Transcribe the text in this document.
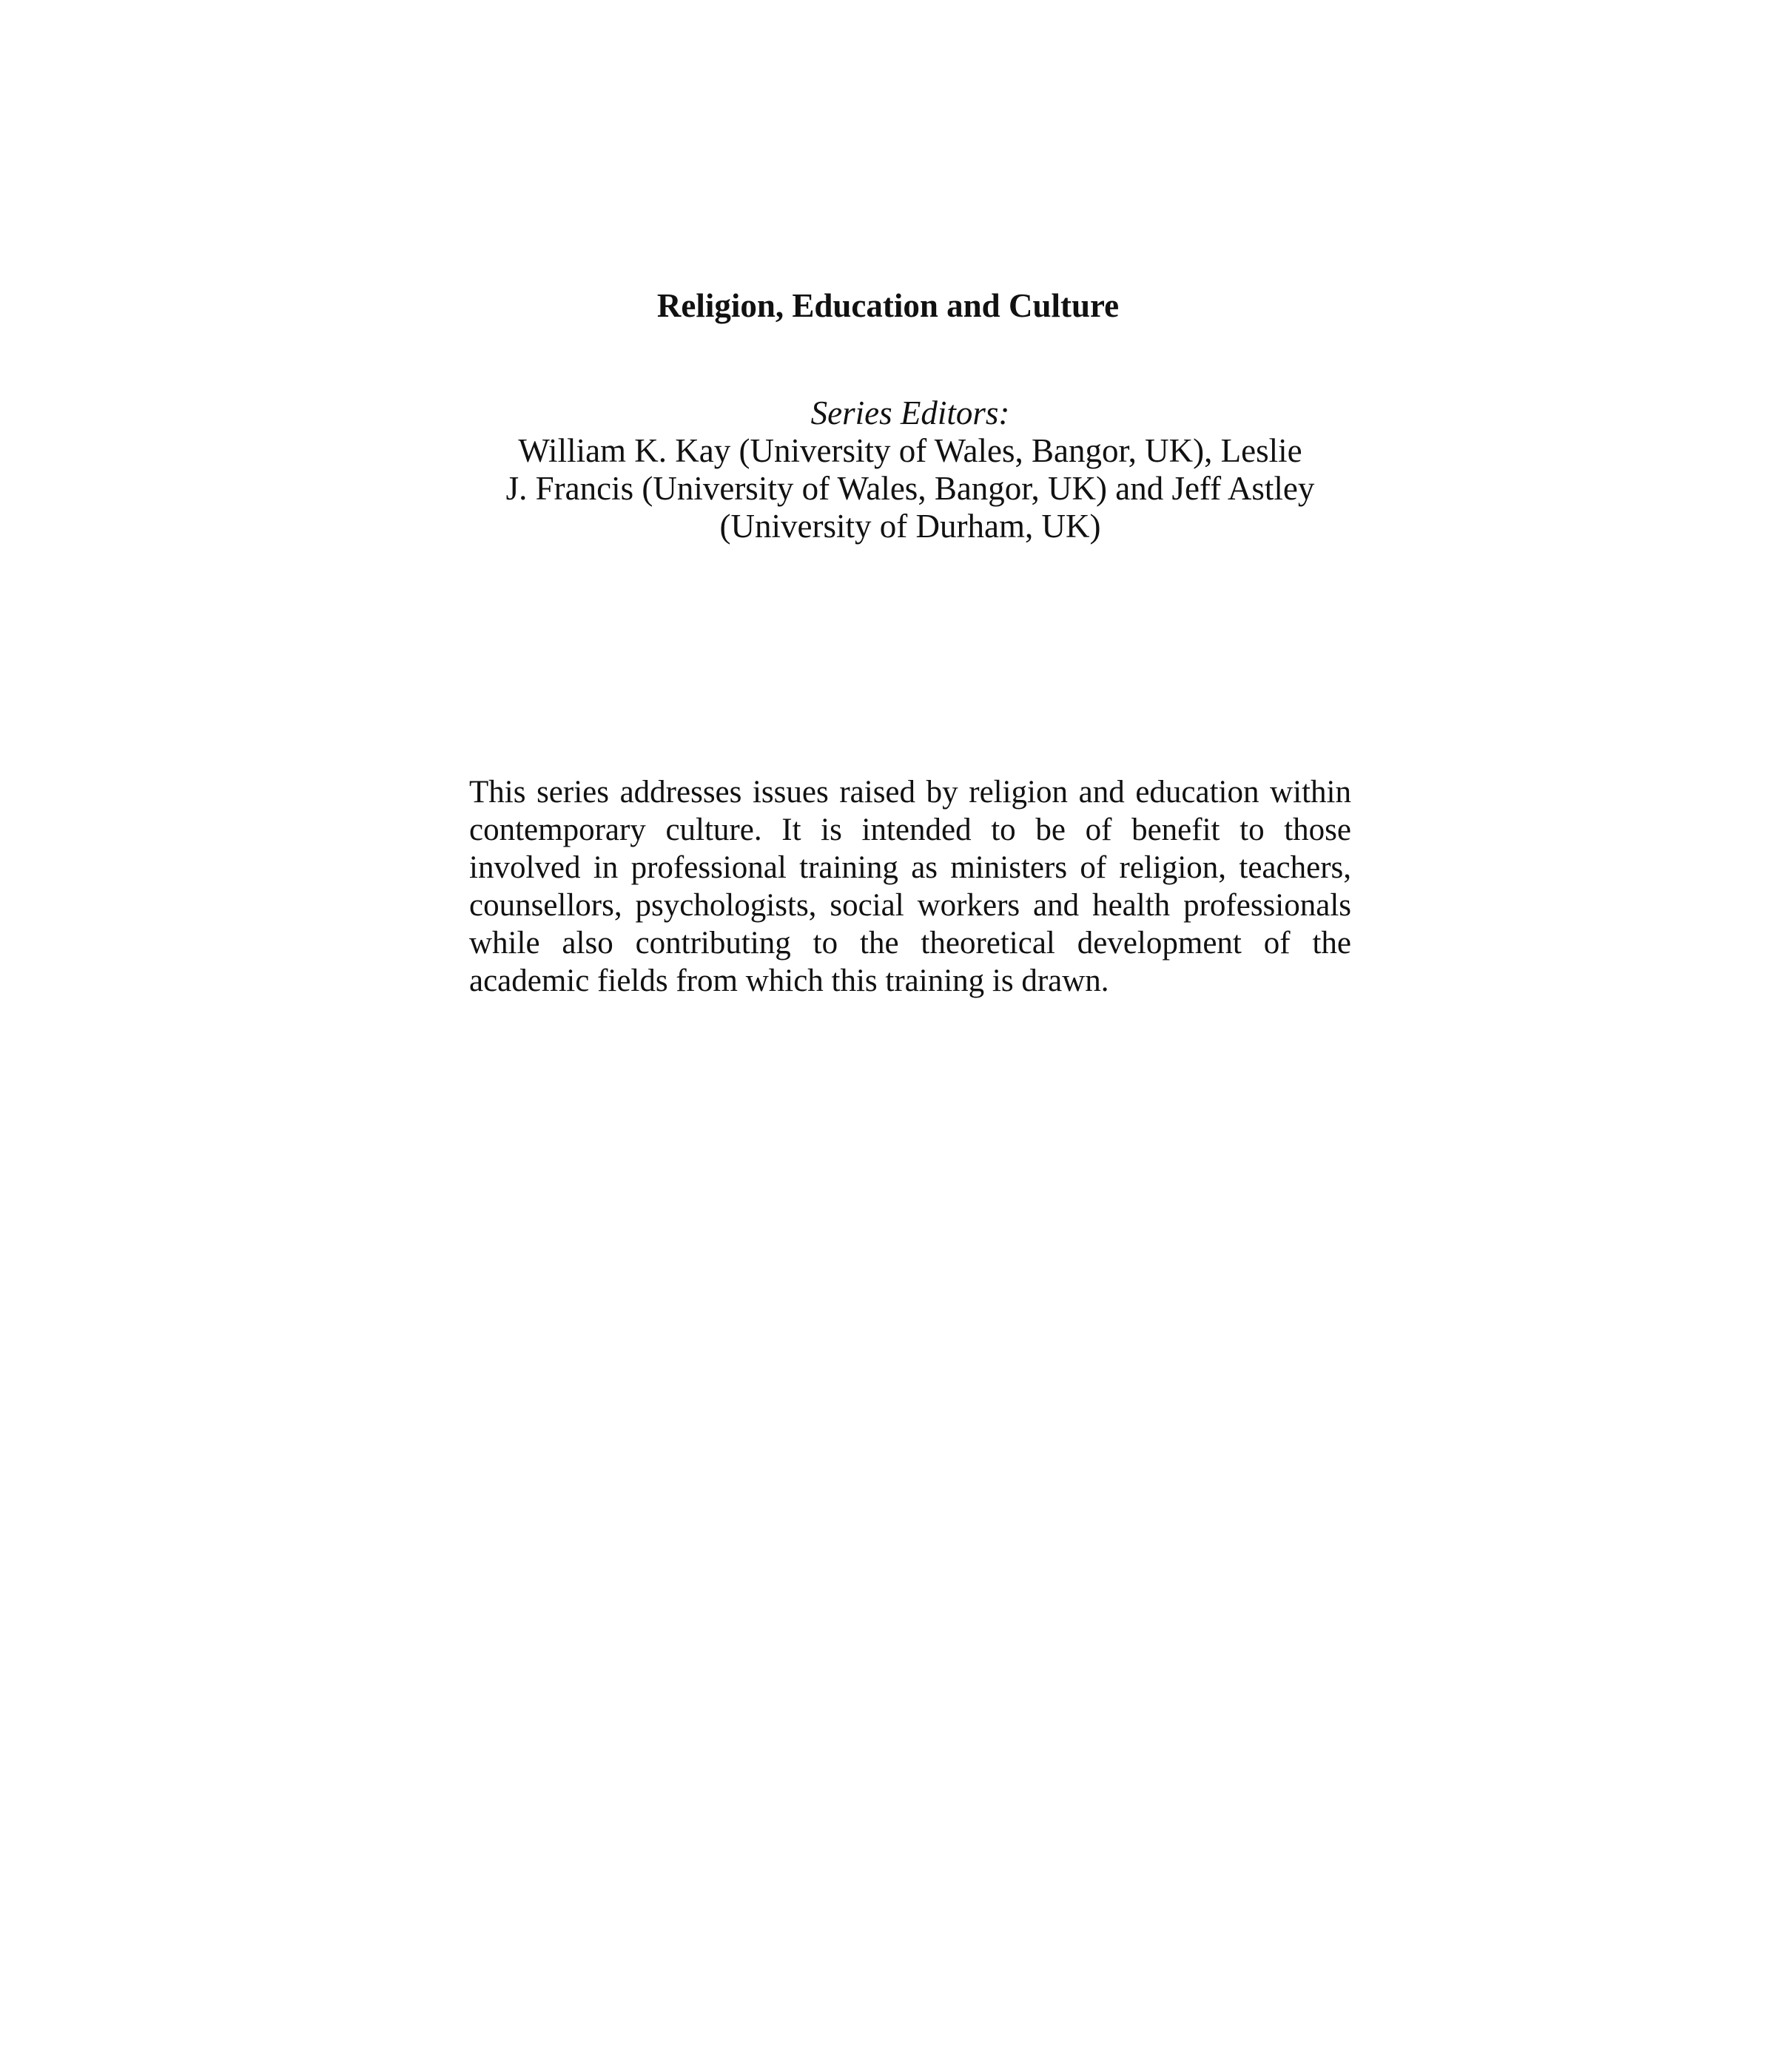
Religion, Education and Culture
Series Editors:
William K. Kay (University of Wales, Bangor, UK), Leslie
J. Francis (University of Wales, Bangor, UK) and Jeff Astley
(University of Durham, UK)

This series addresses issues raised by religion and education within contemporary culture. It is intended to be of benefit to those involved in professional training as ministers of religion, teachers, counsellors, psychologists, social workers and health professionals while also contributing to the theoretical development of the academic fields from which this training is drawn.
